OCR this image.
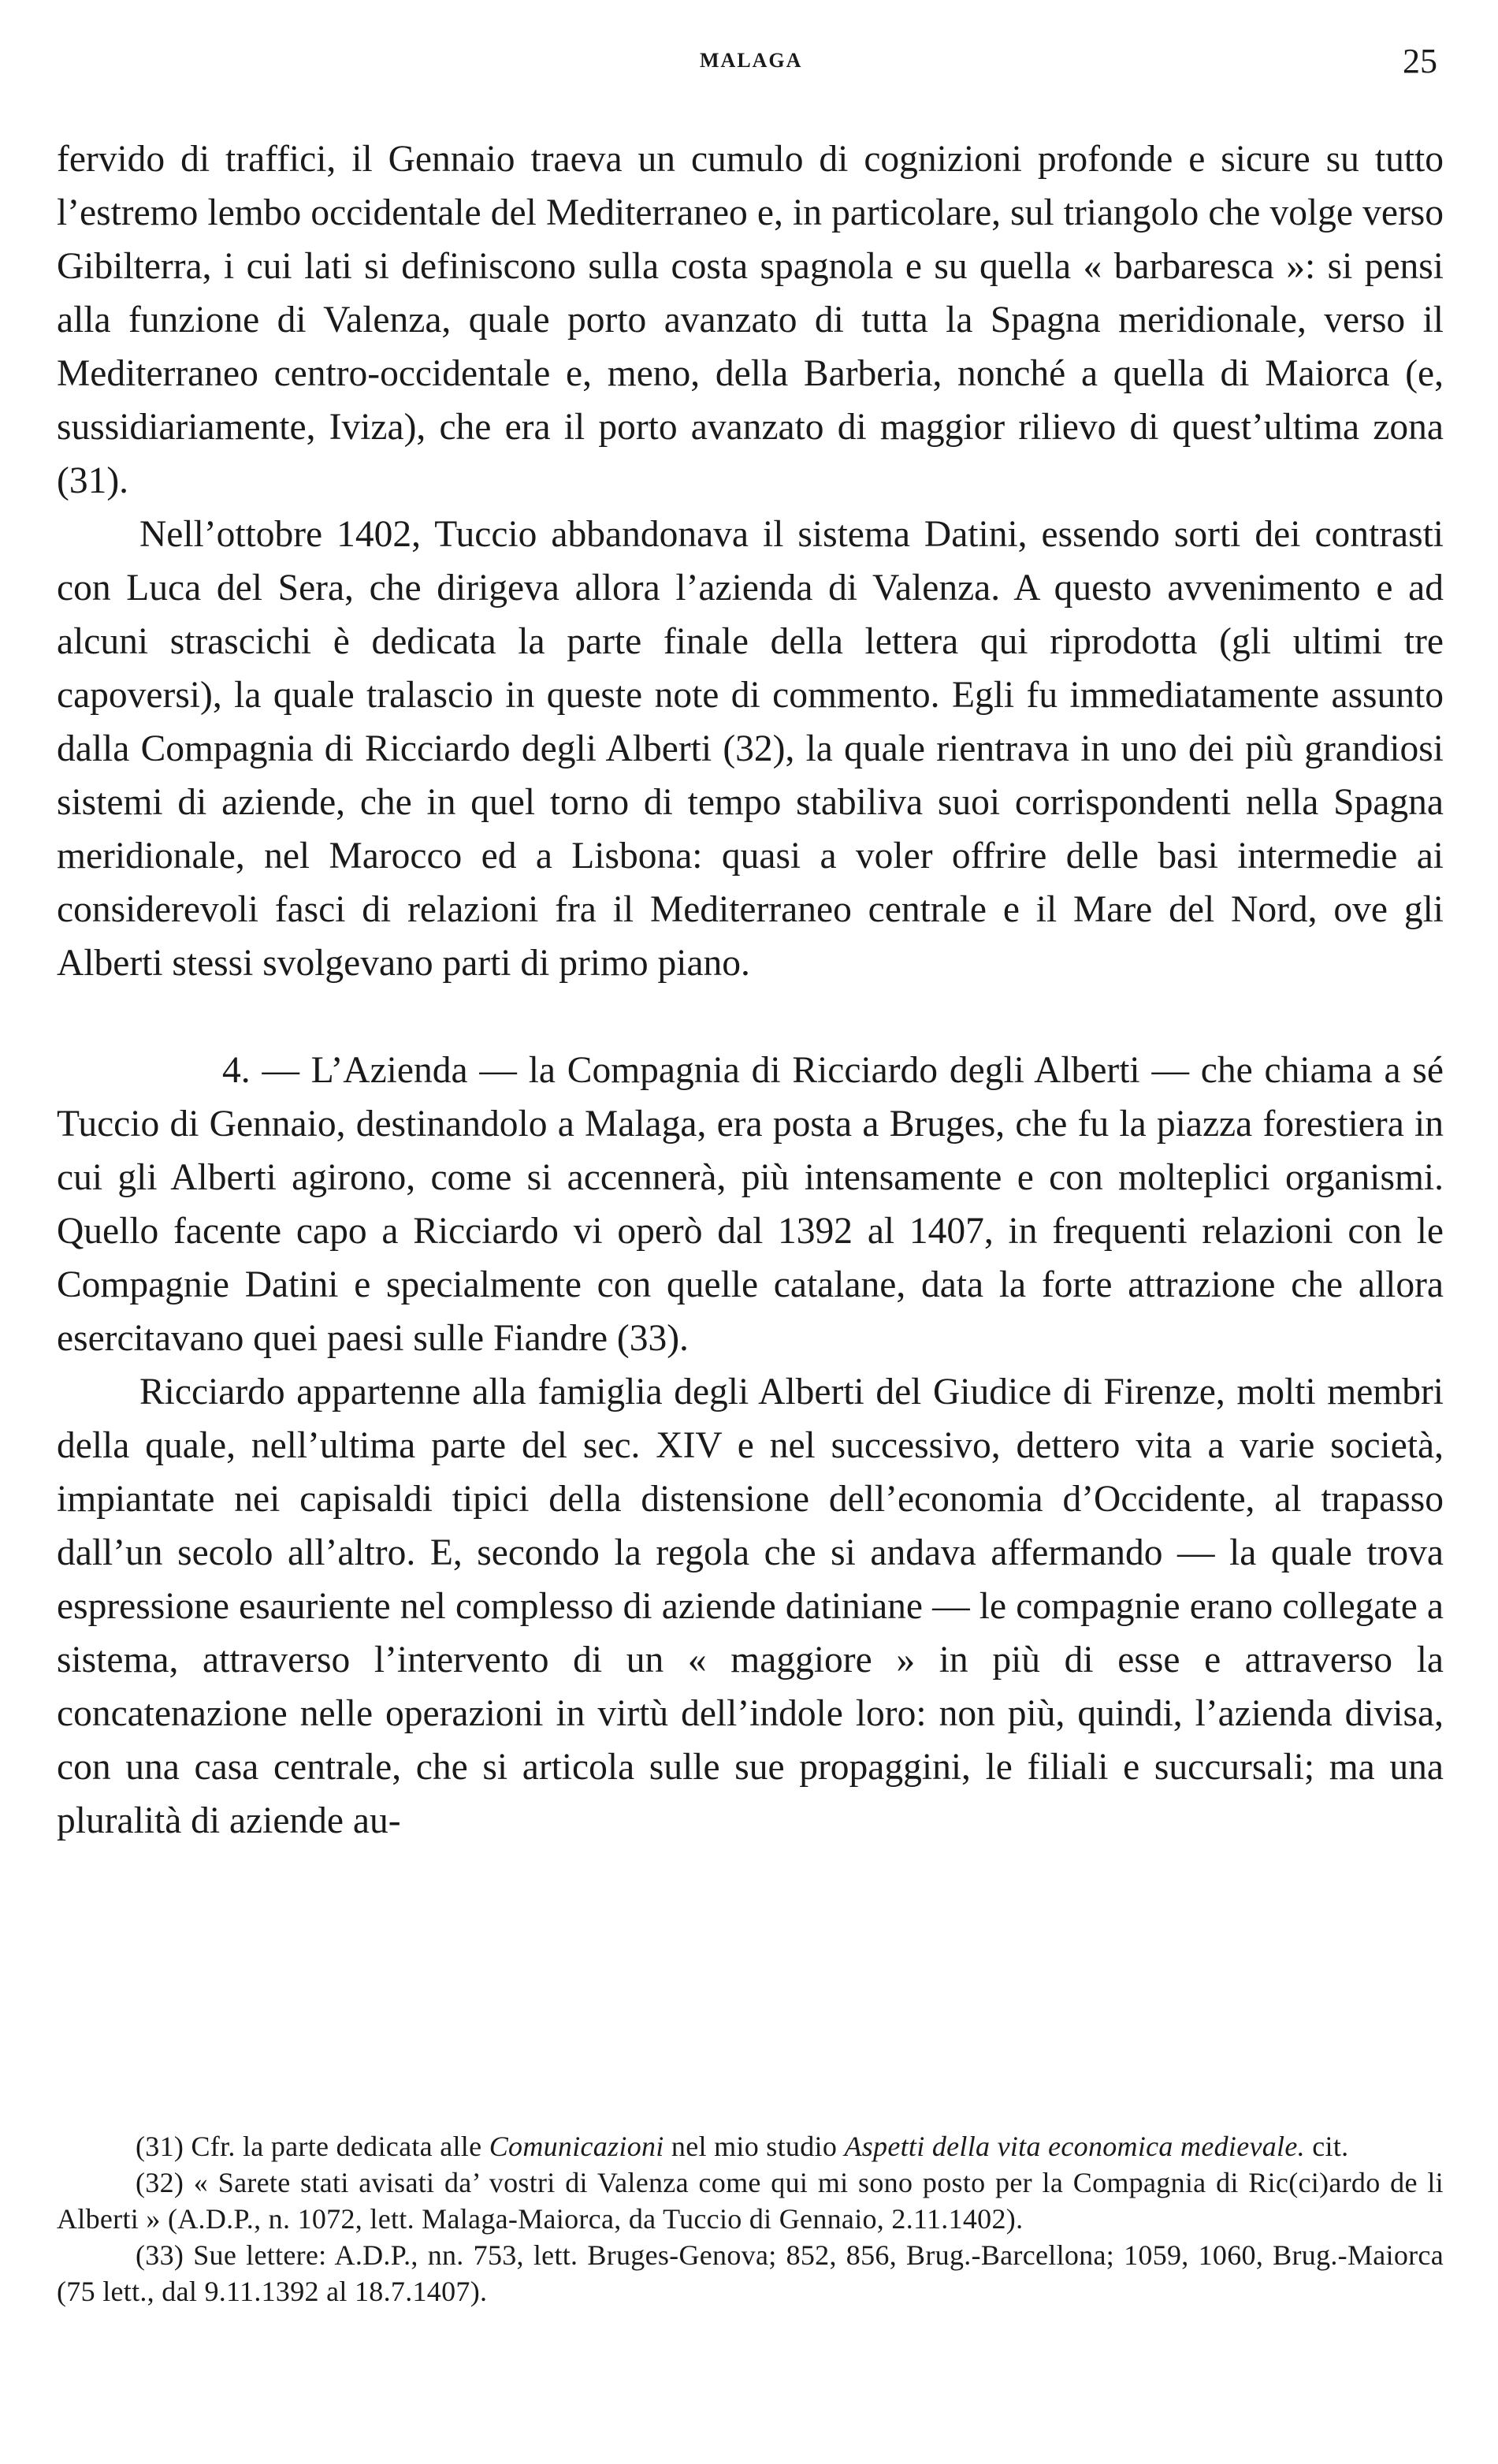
MALAGA	25

fervido di traffici, il Gennaio traeva un cumulo di cognizioni profonde e sicure su tutto l’estremo lembo occidentale del Mediterraneo e, in particolare, sul triangolo che volge verso Gibilterra, i cui lati si definiscono sulla costa spagnola e su quella « barbaresca »: si pensi alla funzione di Valenza, quale porto avanzato di tutta la Spagna meridionale, verso il Mediterraneo centro-occidentale e, meno, della Barberia, nonché a quella di Maiorca (e, sussidiariamente, Iviza), che era il porto avanzato di maggior rilievo di quest’ultima zona (31).

Nell’ottobre 1402, Tuccio abbandonava il sistema Datini, essendo sorti dei contrasti con Luca del Sera, che dirigeva allora l’azienda di Valenza. A questo avvenimento e ad alcuni strascichi è dedicata la parte finale della lettera qui riprodotta (gli ultimi tre capoversi), la quale tralascio in queste note di commento. Egli fu immediatamente assunto dalla Compagnia di Ricciardo degli Alberti (32), la quale rientrava in uno dei più grandiosi sistemi di aziende, che in quel torno di tempo stabiliva suoi corrispondenti nella Spagna meridionale, nel Marocco ed a Lisbona: quasi a voler offrire delle basi intermedie ai considerevoli fasci di relazioni fra il Mediterraneo centrale e il Mare del Nord, ove gli Alberti stessi svolgevano parti di primo piano.

4. — L’Azienda — la Compagnia di Ricciardo degli Alberti — che chiama a sé Tuccio di Gennaio, destinandolo a Malaga, era posta a Bruges, che fu la piazza forestiera in cui gli Alberti agirono, come si accennerà, più intensamente e con molteplici organismi. Quello facente capo a Ricciardo vi operò dal 1392 al 1407, in frequenti relazioni con le Compagnie Datini e specialmente con quelle catalane, data la forte attrazione che allora esercitavano quei paesi sulle Fiandre (33).

Ricciardo appartenne alla famiglia degli Alberti del Giudice di Firenze, molti membri della quale, nell’ultima parte del sec. XIV e nel successivo, dettero vita a varie società, impiantate nei capisaldi tipici della distensione dell’economia d’Occidente, al trapasso dall’un secolo all’altro. E, secondo la regola che si andava affermando — la quale trova espressione esauriente nel complesso di aziende datiniane — le compagnie erano collegate a sistema, attraverso l’intervento di un « maggiore » in più di esse e attraverso la concatenazione nelle operazioni in virtù dell’indole loro: non più, quindi, l’azienda divisa, con una casa centrale, che si articola sulle sue propaggini, le filiali e succursali; ma una pluralità di aziende au-

(31) Cfr. la parte dedicata alle Comunicazioni nel mio studio Aspetti della vita economica medievale. cit.

(32) « Sarete stati avisati da’ vostri di Valenza come qui mi sono posto per la Compagnia di Ric(ci)ardo de li Alberti » (A.D.P., n. 1072, lett. Malaga-Maiorca, da Tuccio di Gennaio, 2.11.1402).

(33) Sue lettere: A.D.P., nn. 753, lett. Bruges-Genova; 852, 856, Brug.-Barcellona; 1059, 1060, Brug.-Maiorca (75 lett., dal 9.11.1392 al 18.7.1407).
